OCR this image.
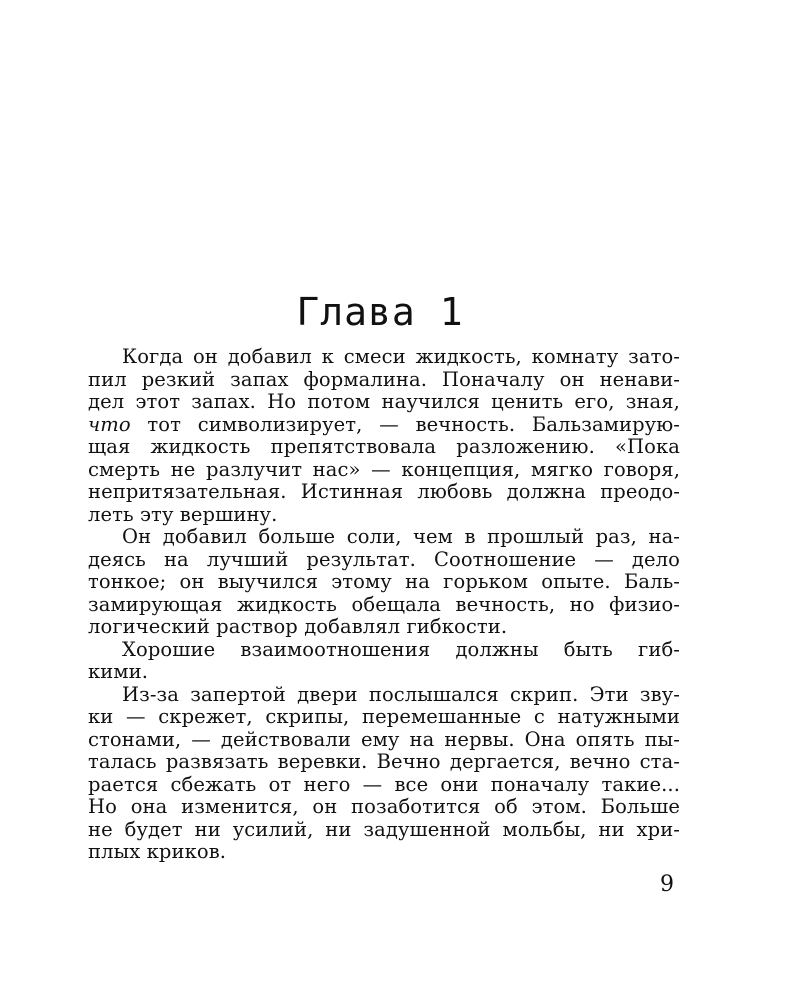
Глава 1
Когда он добавил к смеси жидкость, комнату зато-
пил резкий запах формалина. Поначалу он ненави-
дел этот запах. Но потом научился ценить его, зная,
что тот символизирует, — вечность. Бальзамирую-
щая жидкость препятствовала разложению. «Пока
смерть не разлучит нас» — концепция, мягко говоря,
непритязательная. Истинная любовь должна преодо-
леть эту вершину.
Он добавил больше соли, чем в прошлый раз, на-
деясь на лучший результат. Соотношение — дело
тонкое; он выучился этому на горьком опыте. Баль-
замирующая жидкость обещала вечность, но физио-
логический раствор добавлял гибкости.
Хорошие взаимоотношения должны быть гиб-
кими.
Из-за запертой двери послышался скрип. Эти зву-
ки — скрежет, скрипы, перемешанные с натужными
стонами, — действовали ему на нервы. Она опять пы-
талась развязать веревки. Вечно дергается, вечно ста-
рается сбежать от него — все они поначалу такие...
Но она изменится, он позаботится об этом. Больше
не будет ни усилий, ни задушенной мольбы, ни хри-
плых криков.
9
